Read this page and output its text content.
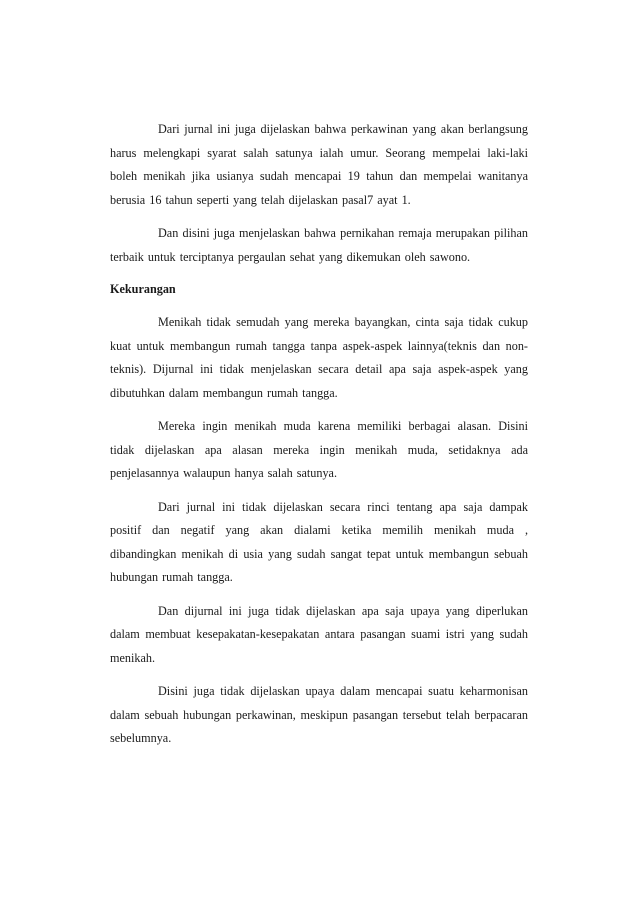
Dari jurnal ini juga dijelaskan bahwa perkawinan yang akan berlangsung harus melengkapi syarat salah satunya ialah umur. Seorang mempelai laki-laki boleh menikah jika usianya sudah mencapai 19 tahun dan mempelai wanitanya berusia 16 tahun seperti yang telah dijelaskan pasal7 ayat 1.

Dan disini juga menjelaskan bahwa pernikahan remaja merupakan pilihan terbaik untuk terciptanya pergaulan sehat yang dikemukan oleh sawono.

Kekurangan

Menikah tidak semudah yang mereka bayangkan, cinta saja tidak cukup kuat untuk membangun rumah tangga tanpa aspek-aspek lainnya(teknis dan non-teknis). Dijurnal ini tidak menjelaskan secara detail apa saja aspek-aspek yang dibutuhkan dalam membangun rumah tangga.

Mereka ingin menikah muda karena memiliki berbagai alasan. Disini tidak dijelaskan apa alasan mereka ingin menikah muda, setidaknya ada penjelasannya walaupun hanya salah satunya.

Dari jurnal ini tidak dijelaskan secara rinci tentang apa saja dampak positif dan negatif yang akan dialami ketika memilih menikah muda , dibandingkan menikah di usia yang sudah sangat tepat untuk membangun sebuah hubungan rumah tangga.

Dan dijurnal ini juga tidak dijelaskan apa saja upaya yang diperlukan dalam membuat kesepakatan-kesepakatan antara pasangan suami istri yang sudah menikah.

Disini juga tidak dijelaskan upaya dalam mencapai suatu keharmonisan dalam sebuah hubungan perkawinan, meskipun pasangan tersebut telah berpacaran sebelumnya.
